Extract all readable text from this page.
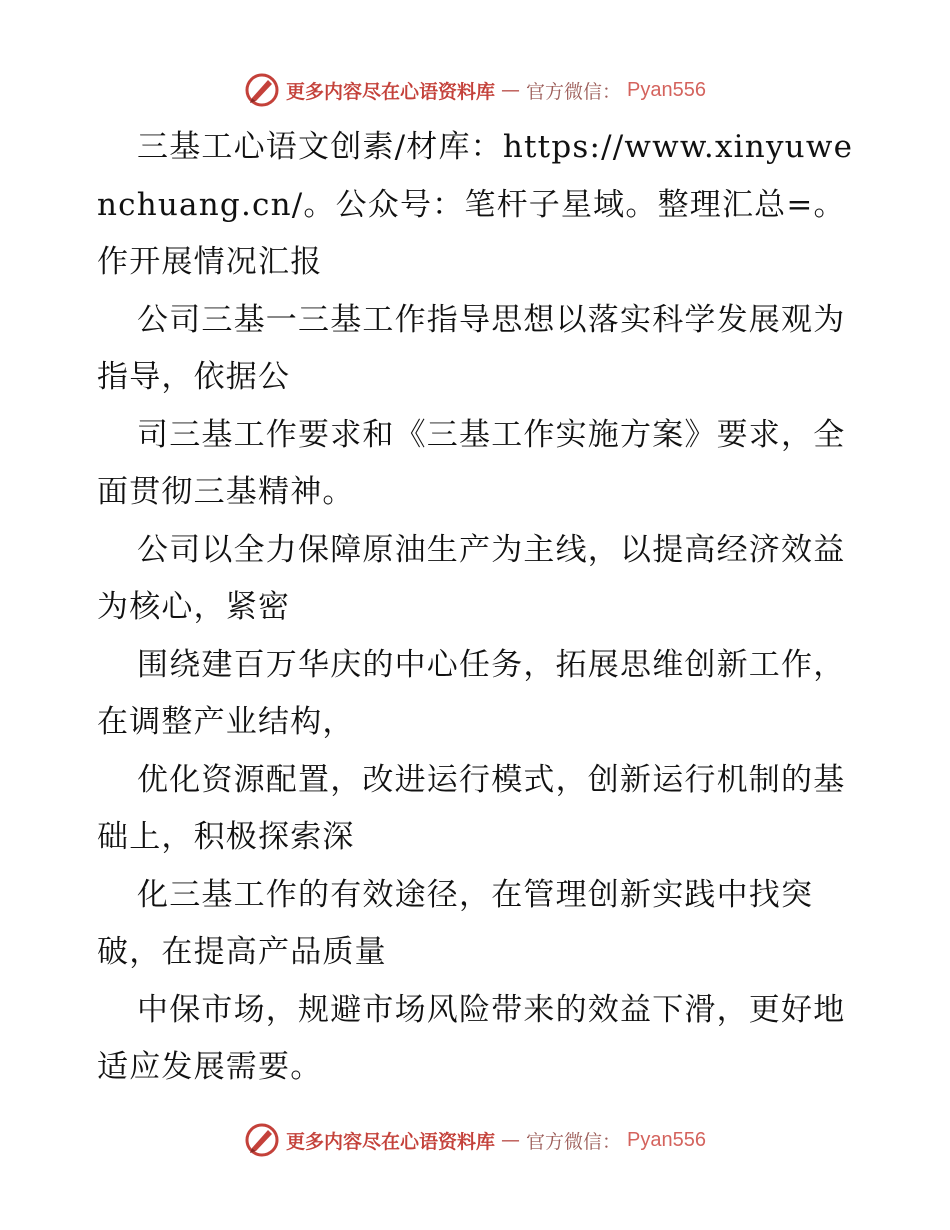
更多内容尽在心语资料库 — 官方微信： Pyan556

三基工心语文创素/材库：https://www.xinyuwenchuang.cn/。公众号：笔杆子星域。整理汇总=。作开展情况汇报

公司三基一三基工作指导思想以落实科学发展观为指导，依据公

司三基工作要求和《三基工作实施方案》要求，全面贯彻三基精神。

公司以全力保障原油生产为主线，以提高经济效益为核心，紧密

围绕建百万华庆的中心任务，拓展思维创新工作，在调整产业结构，

优化资源配置，改进运行模式，创新运行机制的基础上，积极探索深

化三基工作的有效途径，在管理创新实践中找突破，在提高产品质量

中保市场，规避市场风险带来的效益下滑，更好地适应发展需要。

更多内容尽在心语资料库 — 官方微信： Pyan556
